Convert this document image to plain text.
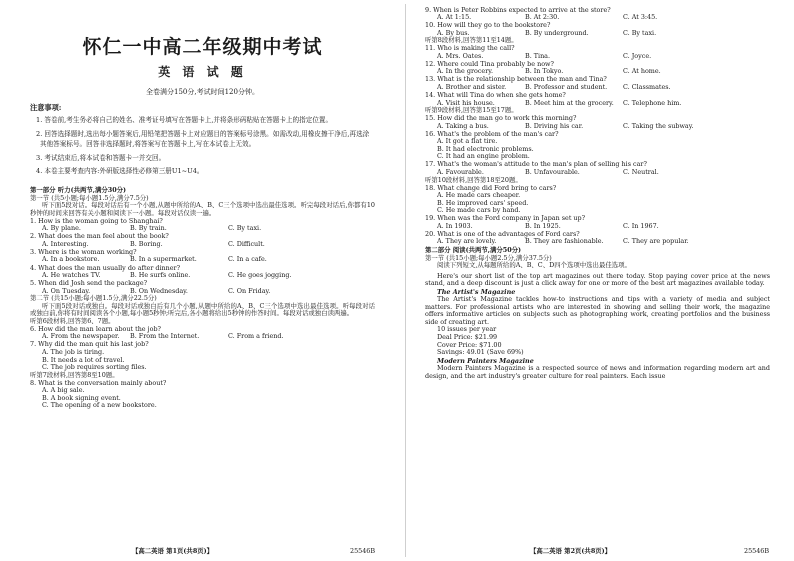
怀仁一中高二年级期中考试
英 语 试 题
全卷满分150分,考试时间120分钟。
注意事项:

1. 答卷前,考生务必将自己的姓名、准考证号填写在答题卡上,并将条形码粘贴在答题卡上的指定位置。

2. 回答选择题时,选出每小题答案后,用铅笔把答题卡上对应题目的答案标号涂黑。如需改动,用橡皮擦干净后,再选涂其他答案标号。回答非选择题时,将答案写在答题卡上,写在本试卷上无效。

3. 考试结束后,将本试卷和答题卡一并交回。

4. 本卷主要考查内容:外研版选择性必修第三册U1~U4。

第一部分 听力(共两节,满分30分)

第一节 (共5小题;每小题1.5分,满分7.5分)

听下面5段对话。每段对话后有一个小题,从题中所给的A、B、C三个选项中选出最佳选项。听完每段对话后,你都有10秒钟的时间来回答有关小题和阅读下一小题。每段对话仅读一遍。

1. How is the woman going to Shanghai?

A. By plane.	B. By train.	C. By taxi.

2. What does the man feel about the book?

A. Interesting.	B. Boring.	C. Difficult.

3. Where is the woman working?

A. In a bookstore.	B. In a supermarket.	C. In a cafe.

4. What does the man usually do after dinner?

A. He watches TV.	B. He surfs online.	C. He goes jogging.

5. When did Josh send the package?

A. On Tuesday.	B. On Wednesday.	C. On Friday.

第二节 (共15小题;每小题1.5分,满分22.5分)

听下面5段对话或独白。每段对话或独白后有几个小题,从题中所给的A、B、C三个选项中选出最佳选项。听每段对话或独白前,你将有时间阅读各个小题,每小题5秒钟;听完后,各小题将给出5秒钟的作答时间。每段对话或独白读两遍。

听第6段材料,回答第6、7题。

6. How did the man learn about the job?

A. From the newspaper.	B. From the Internet.	C. From a friend.

7. Why did the man quit his last job?

A. The job is tiring.

B. It needs a lot of travel.

C. The job requires sorting files.

听第7段材料,回答第8至10题。

8. What is the conversation mainly about?

A. A big sale.

B. A book signing event.

C. The opening of a new bookstore.

【高二英语 第1页(共8页)】	25546B

9. When is Peter Robbins expected to arrive at the store?

A. At 1:15.	B. At 2:30.	C. At 3:45.

10. How will they go to the bookstore?

A. By bus.	B. By underground.	C. By taxi.

听第8段材料,回答第11至14题。

11. Who is making the call?

A. Mrs. Oates.	B. Tina.	C. Joyce.

12. Where could Tina probably be now?

A. In the grocery.	B. In Tokyo.	C. At home.

13. What is the relationship between the man and Tina?

A. Brother and sister.	B. Professor and student.	C. Classmates.

14. What will Tina do when she gets home?

A. Visit his house.	B. Meet him at the grocery.	C. Telephone him.

听第9段材料,回答第15至17题。

15. How did the man go to work this morning?

A. Taking a bus.	B. Driving his car.	C. Taking the subway.

16. What's the problem of the man's car?

A. It got a flat tire.

B. It had electronic problems.

C. It had an engine problem.

17. What's the woman's attitude to the man's plan of selling his car?

A. Favourable.	B. Unfavourable.	C. Neutral.

听第10段材料,回答第18至20题。

18. What change did Ford bring to cars?

A. He made cars cheaper.

B. He improved cars' speed.

C. He made cars by hand.

19. When was the Ford company in Japan set up?

A. In 1903.	B. In 1925.	C. In 1967.

20. What is one of the advantages of Ford cars?

A. They are lovely.	B. They are fashionable.	C. They are popular.

第二部分 阅读(共两节,满分50分)

第一节 (共15小题;每小题2.5分,满分37.5分)

阅读下列短文,从每题所给的A、B、C、D四个选项中选出最佳选项。

Here's our short list of the top art magazines out there today. Stop paying cover price at the news stand, and a deep discount is just a click away for one or more of the best art magazines available today.

The Artist's Magazine

The Artist's Magazine tackles how-to instructions and tips with a variety of media and subject matters. For professional artists who are interested in showing and selling their work, the magazine offers informative articles on subjects such as photographing work, creating portfolios and the business side of creating art.

10 issues per year

Deal Price: $21.99

Cover Price: $71.00

Savings: 49.01 (Save 69%)

Modern Painters Magazine

Modern Painters Magazine is a respected source of news and information regarding modern art and design, and the art industry's greater culture for real painters. Each issue

【高二英语 第2页(共8页)】	25546B
